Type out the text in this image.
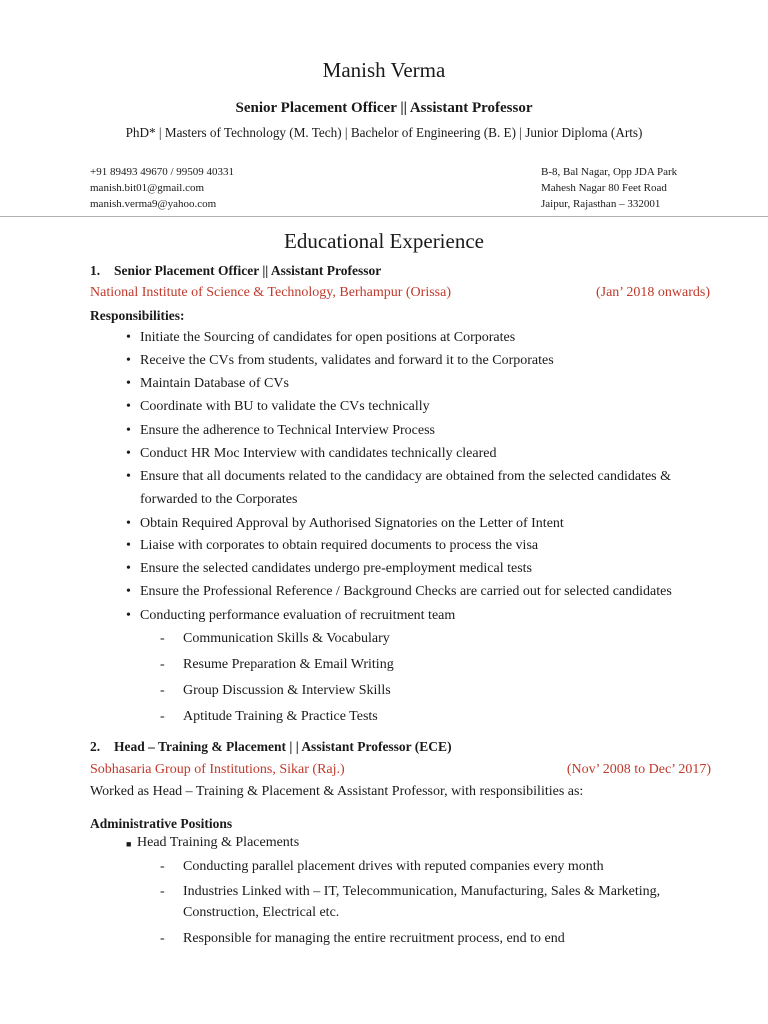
Manish Verma
Senior Placement Officer || Assistant Professor
PhD* | Masters of Technology (M. Tech) | Bachelor of Engineering (B. E) | Junior Diploma (Arts)
+91 89493 49670 / 99509 40331
manish.bit01@gmail.com
manish.verma9@yahoo.com
B-8, Bal Nagar, Opp JDA Park
Mahesh Nagar 80 Feet Road
Jaipur, Rajasthan – 332001
Educational Experience
1. Senior Placement Officer || Assistant Professor
National Institute of Science & Technology, Berhampur (Orissa)	(Jan’ 2018 onwards)
Responsibilities:
• Initiate the Sourcing of candidates for open positions at Corporates
• Receive the CVs from students, validates and forward it to the Corporates
• Maintain Database of CVs
• Coordinate with BU to validate the CVs technically
• Ensure the adherence to Technical Interview Process
• Conduct HR Moc Interview with candidates technically cleared
• Ensure that all documents related to the candidacy are obtained from the selected candidates &
forwarded to the Corporates
• Obtain Required Approval by Authorised Signatories on the Letter of Intent
• Liaise with corporates to obtain required documents to process the visa
• Ensure the selected candidates undergo pre-employment medical tests
• Ensure the Professional Reference / Background Checks are carried out for selected candidates
• Conducting performance evaluation of recruitment team
- Communication Skills & Vocabulary
- Resume Preparation & Email Writing
- Group Discussion & Interview Skills
- Aptitude Training & Practice Tests
2. Head – Training & Placement | | Assistant Professor (ECE)
Sobhasaria Group of Institutions, Sikar (Raj.)	(Nov’ 2008 to Dec’ 2017)
Worked as Head – Training & Placement & Assistant Professor, with responsibilities as:
Administrative Positions
■ Head Training & Placements
- Conducting parallel placement drives with reputed companies every month
- Industries Linked with – IT, Telecommunication, Manufacturing, Sales & Marketing,
Construction, Electrical etc.
- Responsible for managing the entire recruitment process, end to end
